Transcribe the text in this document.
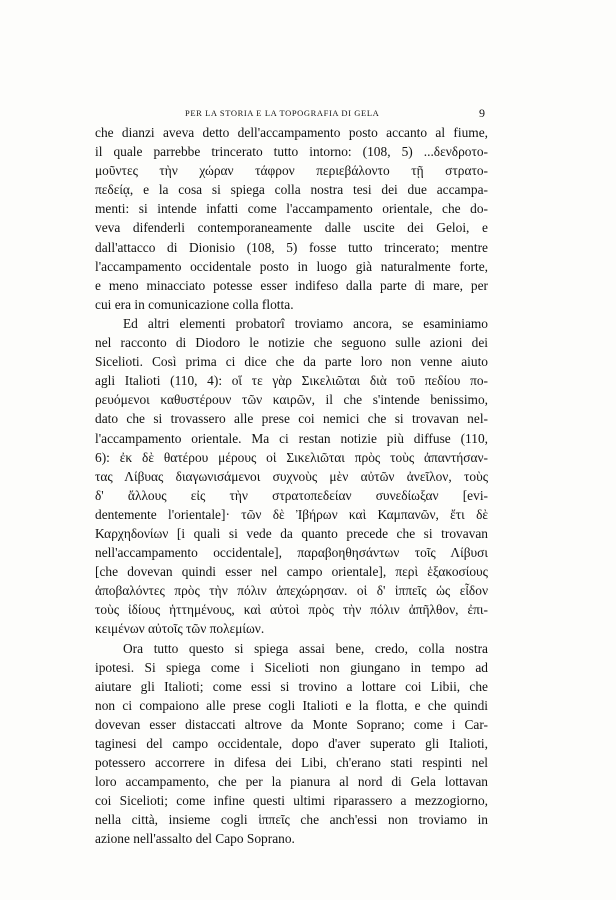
PER LA STORIA E LA TOPOGRAFIA DI GELA	9
che dianzi aveva detto dell'accampamento posto accanto al fiume,
il quale parrebbe trincerato tutto intorno: (108, 5) ...δενδροτο-
μοῦντες τὴν χώραν τάφρον περιεβάλοντο τῇ στρατο-
πεδείᾳ, e la cosa si spiega colla nostra tesi dei due accampa-
menti: si intende infatti come l'accampamento orientale, che do-
veva difenderli contemporaneamente dalle uscite dei Geloi, e
dall'attacco di Dionisio (108, 5) fosse tutto trincerato; mentre
l'accampamento occidentale posto in luogo già naturalmente forte,
e meno minacciato potesse esser indifeso dalla parte di mare, per
cui era in comunicazione colla flotta.
Ed altri elementi probatorî troviamo ancora, se esaminiamo
nel racconto di Diodoro le notizie che seguono sulle azioni dei
Sicelioti. Così prima ci dice che da parte loro non venne aiuto
agli Italioti (110, 4): οἵ τε γὰρ Σικελιῶται διὰ τοῦ πεδίου πο-
ρευόμενοι καθυστέρουν τῶν καιρῶν, il che s'intende benissimo,
dato che si trovassero alle prese coi nemici che si trovavan nel-
l'accampamento orientale. Ma ci restan notizie più diffuse (110,
6): ἐκ δὲ θατέρου μέρους οἱ Σικελιῶται πρὸς τοὺς ἀπαντήσαν-
τας Λίβυας διαγωνισάμενοι συχνοὺς μὲν αὐτῶν ἀνεῖλον, τοὺς
δ' ἄλλους εἰς τὴν στρατοπεδείαν συνεδίωξαν [evi-
dentemente l'orientale]· τῶν δὲ Ἰβήρων καὶ Καμπανῶν, ἔτι δὲ
Καρχηδονίων [i quali si vede da quanto precede che si trovavan
nell'accampamento occidentale], παραβοηθησάντων τοῖς Λίβυσι
[che dovevan quindi esser nel campo orientale], περὶ ἑξακοσίους
ἀποβαλόντες πρὸς τὴν πόλιν ἀπεχώρησαν. οἱ δ' ἱππεῖς ὡς εἶδον
τοὺς ἰδίους ἡττημένους, καὶ αὐτοὶ πρὸς τὴν πόλιν ἀπῆλθον, ἐπι-
κειμένων αὐτοῖς τῶν πολεμίων.
Ora tutto questo si spiega assai bene, credo, colla nostra
ipotesi. Si spiega come i Sicelioti non giungano in tempo ad
aiutare gli Italioti; come essi si trovino a lottare coi Libii, che
non ci compaiono alle prese cogli Italioti e la flotta, e che quindi
dovevan esser distaccati altrove da Monte Soprano; come i Car-
taginesi del campo occidentale, dopo d'aver superato gli Italioti,
potessero accorrere in difesa dei Libi, ch'erano stati respinti nel
loro accampamento, che per la pianura al nord di Gela lottavan
coi Sicelioti; come infine questi ultimi riparassero a mezzogiorno,
nella città, insieme cogli ἱππεῖς che anch'essi non troviamo in
azione nell'assalto del Capo Soprano.
